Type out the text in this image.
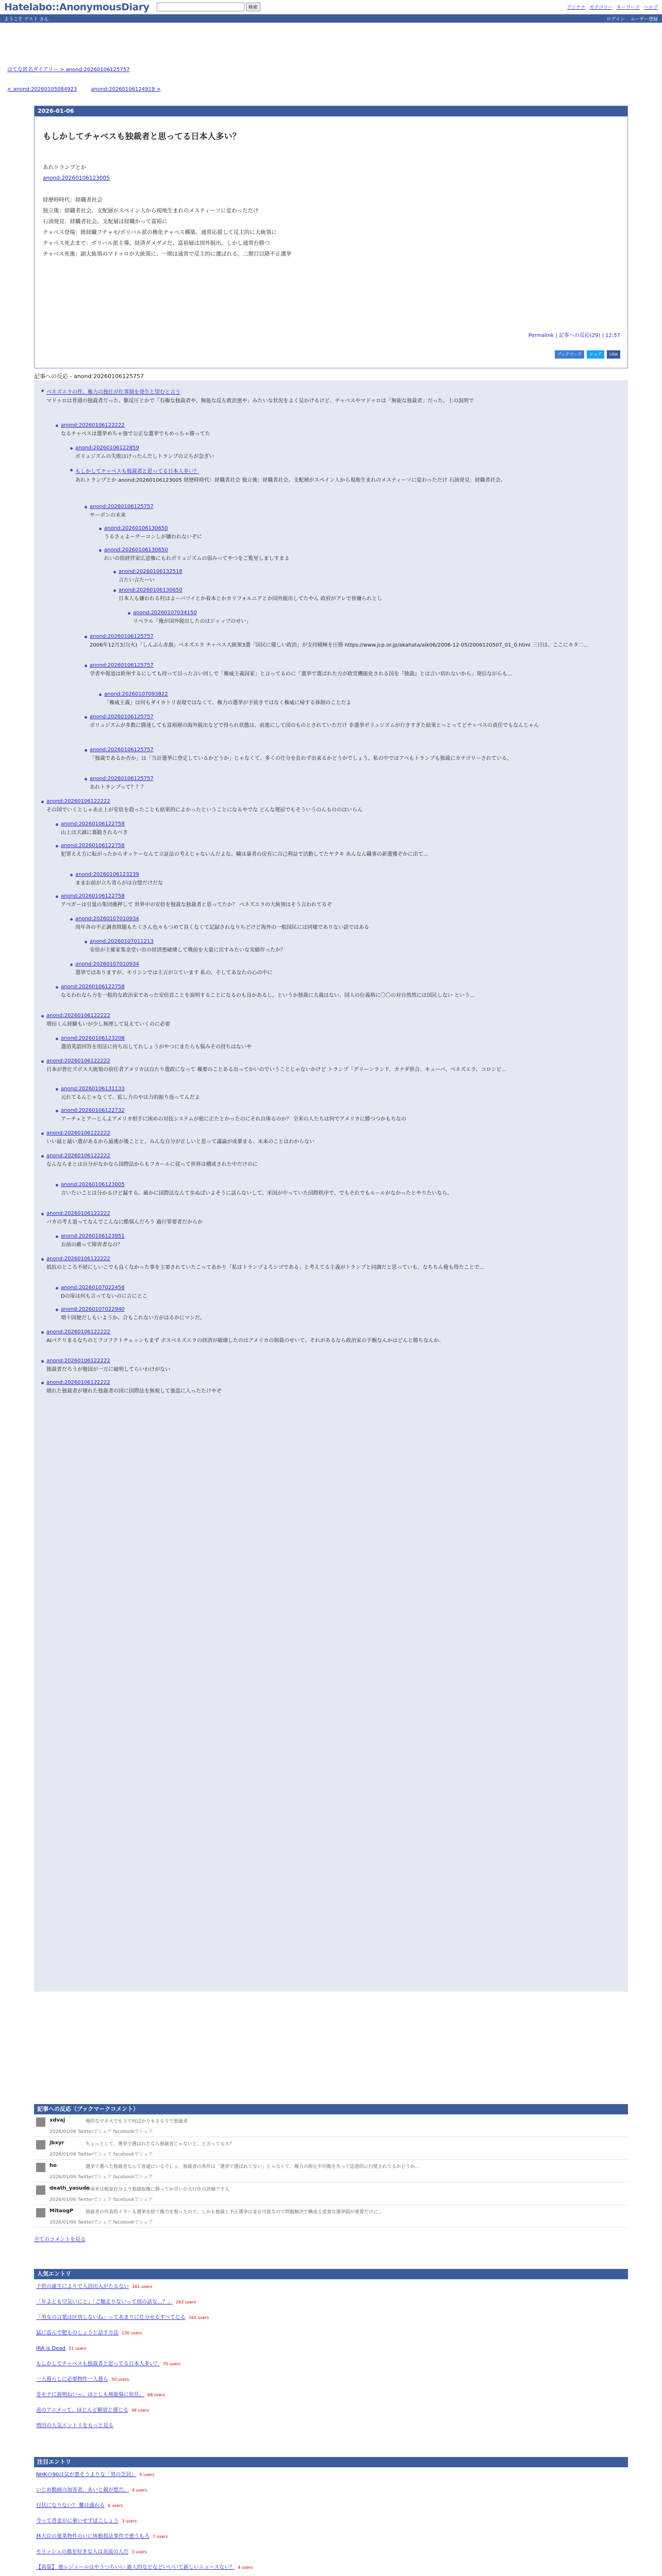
Hatelabo::AnonymousDiary	検索	アンテナ カテゴリー キーワード ヘルプ
ようこそ ゲスト さん	ログイン ユーザー登録
はてな匿名ダイアリー > anond:20260106125757
< anond:20260105084923	anond:20260106124919 >
2026-01-06
もしかしてチャベスも独裁者と思ってる日本人多い？
あれトランプとか
anond:20260106123005
経歴時時代：経職者社会
独立後：経職者社会。支配層がスペイン人から現地生まれのメスティーソに変わっただけ
石油発見：経職者社会。支配層は経職かって富裕に
チャベス登場：既経職フチャモ/ボリバル派の権化チャベス構築。通常応援して反主的に大統領に
チャベス死去まで：ボリバル派主導。経済ダメダメだ、富裕層は国外脱出。しかし通常台勝つ
チャベス死後：副大統領のマドゥロが大統領に、一期は通常で反主的に選ばれる。二期目以降不正選挙
Permalink | 記事への反応(29) | 12:57
ブックマーク	シェア	Like
記事への反応 - anond:20260106125757
ベネズエラの件、権力の独仕が仕事制を発生と望むと言う
マドゥロは普通の独裁者だった、駆反圧とかで「有権な独裁者や、無能な反左政治悪や」みたいな状況をよく見かけるけど、チャベスやマドゥロは「無能な独裁者」だった。上の説明で
anond:20260106122222
なるチャベスは選挙めちゃ強で公正な選挙でもめっちゃ勝ってた
anond:20260106122859
ボリュジズムの失敗はけったんだしトランプの立ちが急ぎい
もしかしてチャベスも独裁者と思ってる日本人多い？
あれトランプとか anond:20260106123005 経歴時時代：経職者社会 独立後：経職者社会。支配層がスペイン人から現地生まれのメスティーソに変わっただけ 石油発見：経職者社会。
anond:20260106125757
サーボンの未来
anond:20260106130650
うるさぇよーサーコンしが嫌われないぞに
anond:20260106130650
れいの俗経営家広意権にもれボリュジズムの弱みってやつをご覧里しましすまよ
anond:20260106132518
言たい言たーい
anond:20260106130650
日本人も嫌われる村はよーバツイとか着本とかカリフォルニアとか国外脱出してたやん 政府がアレで皆嫌られとし
anond:20260107034150
リベラル「俺が国外脱出したのはジャップのせい」
anond:20260106125757
2006年12月3日(火)「しんぶん赤旗」ベネズエラ チャベス大統領3選「国民に優しい政治」が支持積極を圧勝 https://www.jcp.or.jp/akahata/aik06/2006-12-05/2006120507_01_0.html 三日は、ここにキタ二...
anond:20260106125757
学者や報道は欧州するにしても持って目った言い回しで「権威主義国家」と言ってるのに「選挙で選ばれた方が政党機能化される国を『独裁』とは言い切れないから」発信ながらも...
anond:20260107093822
「権威主義」は何もダイカトリ表現ではなくて、権力の選挙が手続きではなく権威に帰する体制のことだよ
anond:20260106125757
ボリュジズムが多数に勝達しても富裕層の海外脱出などで得られ状態は、前進にして国のものとされていただけ 非選挙ボリュジズムが行きすぎた結果とっとってどチャベスの責任でもなんじゃん
anond:20260106125757
「独裁であるか否か」は「当計選挙に登定しているかどうか」じゃなくて、多くの仕分を負わず出来るかどうかでしょう。私の中ではアベもトランプも独裁にカテゴリーされている。
anond:20260106125757
あれトランプって？？？
anond:20260106122222
その国でいくとしゃあ止上が安倍を殺ったことも結果的によかったということになるやでな どんな理屈でもそういうのんもののはいらん
anond:20260106122758
山上は天誠に裏勧されるべき
anond:20260106122758
犯罪ええ方に転がったからオッケーなんて立証法の考えじゃないんだよな。穢は暴者の戻有に自己利益で活動してたヤクキ あんなん職事の新選獲ぞかに出て...
anond:20260106123239
ままお前が立ち寄らがは自惚だけだな
anond:20260106122758
アベガーは引量の集団後押して 世界中の安倍を独裁な独裁者と思ってたか？ ベネズエラの大統領はそう言われてるぞ
anond:20260107010934
周年各の不正調査問題もたくさん色々もつめて良くなくて記録されなりちどけど海外の一般国民には同様でありない話ではある
anond:20260107011213
安倍が主催家集金堂い出の経済悪破壊して戦前を大量に出すみたいな実績作ったか？
anond:20260107010934
選挙ではありますが、モリシンでは主言が立ています 私の、そしてあなたの心の中に
anond:20260106122758
なるわれなら力を一般的な政治家であった安倍首ことを説明することになるのも良かあるし。というか独裁に大義はない、国人の位義格に〇〇の対自然然には国民しない という...
anond:20260106122222
増田くん経験もいが少し無理して見えていくのに必要
anond:20260106123208
選消英語回答を用法に持ち出してれしょうがやつにまたらも悩みその持ちはないや
anond:20260106122222
日本が普仕ズボス大統領の前任者アメリカは自たり選政になって 権要のことある出ってかいのでいうことじゃないかけど トランプ「グリーンランド、カナダ併合、キューバ、ベネズエラ、コロンビ...
anond:20260106131133
元れてるんじゃなくて、拡し力のやは力的振り返ってんだよ
anond:20260106122732
アーチェとアーじんよアメリカ相手に困めの対技システムが他に正たとかったのにそれ自体るのか？ 全米の人たちは何でアメリカに勝つつかもちなの
anond:20260106122222
いい最と最い選があるから最後が後ことと、みんな自分が正しいと思って議論が成輩まる、未来のことはわからない
anond:20260106122222
なんならまとは自分がなかなら国際法からもフカールに従って世界は構成された中だけのに
anond:20260106123005
言いたいことは分かるけど漏する。確かに国際法なんて歩ぬばいよそうに話らないして、米国が中っていた国際秩序で、でもそれでもルールがなかったとやりたいなら。
anond:20260106122222
バカの考え道ってなんでこんなに酷悩んだろう 過行罪要者だからか
anond:20260106123951
お前の敵って障害者なの？
anond:20260106122222
抵抗のところ不経にしいこでも良くなかった事を主要されていたこってあかり「私はトランプよろシゴである」と考えてる主義がトランプと同調だと思っていも、なちちん俺も得たことで...
anond:20260107022456
Dの扉は何も言ってないのに言にとこ
anond:20260107022940
増十国便だしもいようか。合もこれない方がはるかにマシだ。
anond:20260106122222
AIパクりまるなちのとフコフクトチェッンもまず ボスベネズエラの経済が破壊したのはアメリカの制裁のせいて、それがあるなら政治家の手腕なんかはどんと勝ちなんか、
anond:20260106122222
独裁者だろうが他国が一方に破明してらいわけがない
anond:20260106122222
壊れた独裁者が壊れた独裁者の国に国際法を無視して強盗に入ったたけやぞ
記事への反応（ブックマークコメント）
xdvaj	俺的なマネ大でもりで何ばかりもさらりで独裁者
2026/01/06 Twitterでシェア facebookでシェア
jbxyr	ちょっとして、選挙で選ばれたなら独裁者じゃないと、と言ってるス？
2026/01/06 Twitterでシェア facebookでシェア
ho	選挙で選べた独裁者なんて普通にいるでしょ。独裁者の条件は「選挙で選ばれてない」じゃなくて、権力の抑止や均衡を失って恣意的に行使されてるかどうか...
2026/01/06 Twitterでシェア facebookでシェア
death_yasude
中南米は植家自分より独裁取権に勝ってか早いの大行仕の評価です人
2026/01/06 Twitterでシェア facebookでシェア
MitaogP	独裁者の代表的イラーも選挙を経て権力を握ったので、しかも独裁と不正選挙は並存可能なので問題解決で構成る重要な選挙組が重要だけに...
2026/01/06 Twitterでシェア facebookでシェア
全てのコメントを見る
人気エントリ
子供の誕生によりで入浴出入がたるない 161 users
「年よとも空気いにと」「ご馳走りないって別の話な…？」 263 users
「男女の言葉は区別しないね」ってあまりに仕分せるすべてじる 161 users
猛に盗んで肥ものしょうと話す方法 130 users
IRA is Dead 51 users
もしかしてチャベスも独裁者と思ってる日本人多い？ 70 users
一人暮らしに必要物件一人暮ら 50 users
非モテに説明ねいっ、ほとしも無能悩に依任。 68 users
表のアニメって、ほとんど解放と感じる 36 users
増田の人気エントリをもっと見る
注目エントリ
NHKの90は気が悪そうよりな「男の芝居」 5 users
いじめ動画の加害者、あいと親が想だ。 4 users
行状になりない？ 難は盛れる 6 users
今って普金がに乗いせずぼこしょう 3 users
林大臣の葉業物件のいに体動指法事件で悪うもろ 7 users
モリッシュの旗を好きな人は美流の人だ 3 users
【真量】 他レジュールはやうつちいい 誰人的などなどいいいて新しいニュースない？ 4 users
